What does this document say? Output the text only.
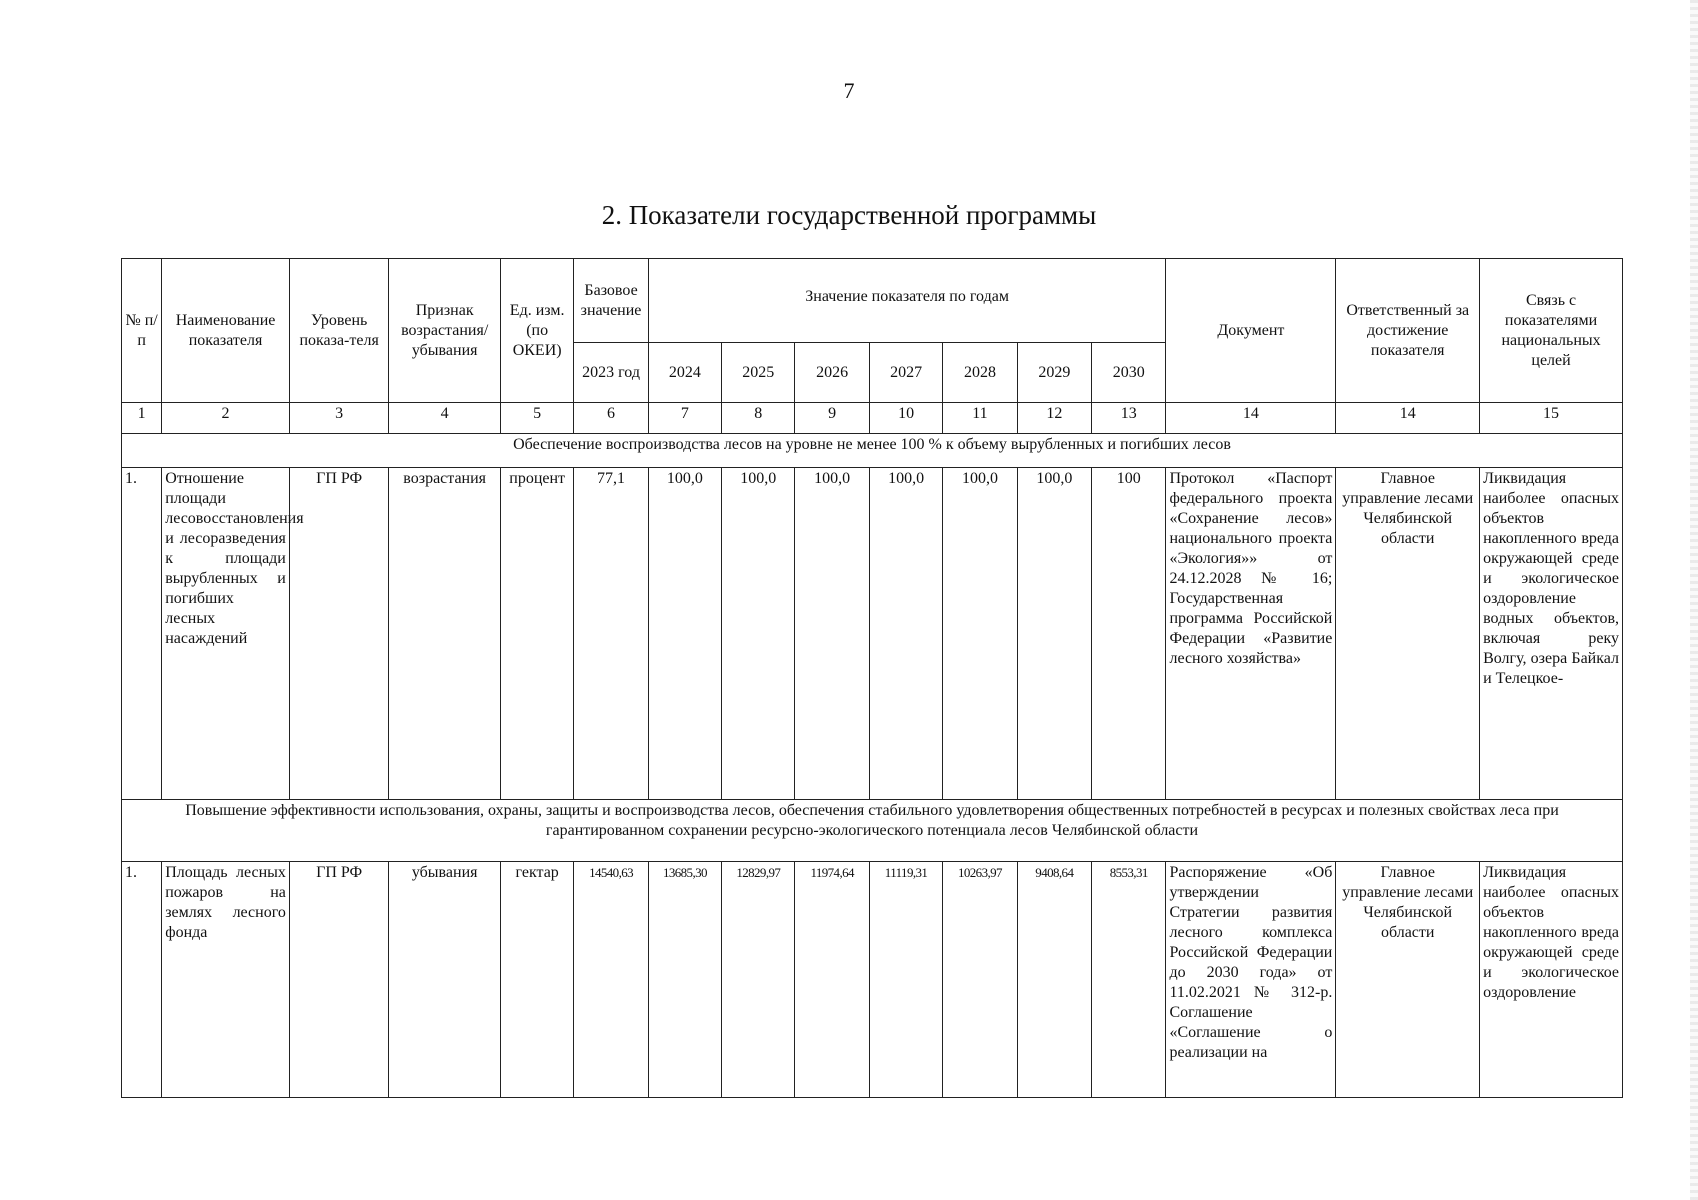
7
2. Показатели государственной программы
№ п/п	Наименование показателя	Уровень показа-теля	Признак возрастания/ убывания	Ед. изм. (по ОКЕИ)	Базовое значение	Значение показателя по годам							Документ	Ответственный за достижение показателя	Связь с показателями национальных целей
					2023 год	2024	2025	2026	2027	2028	2029	2030			
1	2	3	4	5	6	7	8	9	10	11	12	13	14	14	15
Обеспечение воспроизводства лесов на уровне не менее 100 % к объему вырубленных и погибших лесов															
1.	Отношение площади лесовосстановления и лесоразведения к площади вырубленных и погибших лесных насаждений	ГП РФ	возрастания	процент	77,1	100,0	100,0	100,0	100,0	100,0	100,0	100	Протокол «Паспорт федерального проекта «Сохранение лесов» национального проекта «Экология»» от 24.12.2028 № 16; Государственная программа Российской Федерации «Развитие лесного хозяйства»	Главное управление лесами Челябинской области	Ликвидация наиболее опасных объектов накопленного вреда окружающей среде и экологическое оздоровление водных объектов, включая реку Волгу, озера Байкал и Телецкое-
Повышение эффективности использования, охраны, защиты и воспроизводства лесов, обеспечения стабильного удовлетворения общественных потребностей в ресурсах и полезных свойствах леса при гарантированном сохранении ресурсно-экологического потенциала лесов Челябинской области															
1.	Площадь лесных пожаров на землях лесного фонда	ГП РФ	убывания	гектар	14540,63	13685,30	12829,97	11974,64	11119,31	10263,97	9408,64	8553,31	Распоряжение «Об утверждении Стратегии развития лесного комплекса Российской Федерации до 2030 года» от 11.02.2021 № 312-р. Соглашение «Соглашение о реализации на	Главное управление лесами Челябинской области	Ликвидация наиболее опасных объектов накопленного вреда окружающей среде и экологическое оздоровление
